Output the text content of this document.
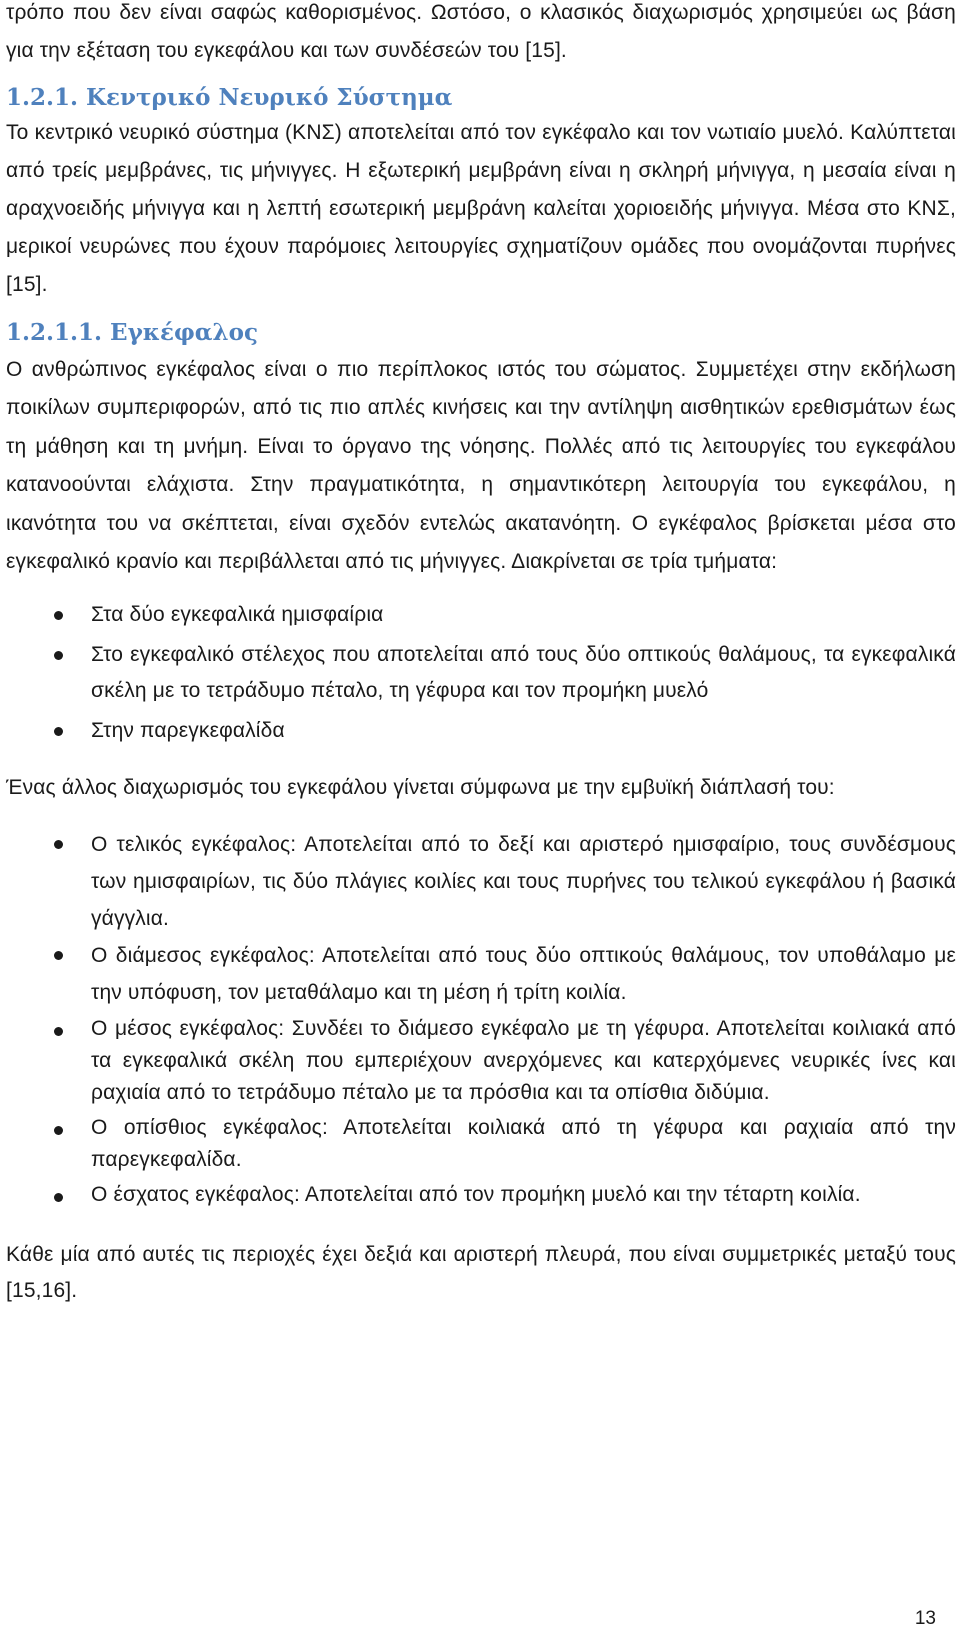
τρόπο που δεν είναι σαφώς καθορισμένος. Ωστόσο, ο κλασικός διαχωρισμός χρησιμεύει ως βάση για την εξέταση του εγκεφάλου και των συνδέσεών του [15].

1.2.1. Κεντρικό Νευρικό Σύστημα

Το κεντρικό νευρικό σύστημα (ΚΝΣ) αποτελείται από τον εγκέφαλο και τον νωτιαίο μυελό. Καλύπτεται από τρείς μεμβράνες, τις μήνιγγες. Η εξωτερική μεμβράνη είναι η σκληρή μήνιγγα, η μεσαία είναι η αραχνοειδής μήνιγγα και η λεπτή εσωτερική μεμβράνη καλείται χοριοειδής μήνιγγα. Μέσα στο ΚΝΣ, μερικοί νευρώνες που έχουν παρόμοιες λειτουργίες σχηματίζουν ομάδες που ονομάζονται πυρήνες [15].

1.2.1.1. Εγκέφαλος

Ο ανθρώπινος εγκέφαλος είναι ο πιο περίπλοκος ιστός του σώματος. Συμμετέχει στην εκδήλωση ποικίλων συμπεριφορών, από τις πιο απλές κινήσεις και την αντίληψη αισθητικών ερεθισμάτων έως τη μάθηση και τη μνήμη. Είναι το όργανο της νόησης. Πολλές από τις λειτουργίες του εγκεφάλου κατανοούνται ελάχιστα. Στην πραγματικότητα, η σημαντικότερη λειτουργία του εγκεφάλου, η ικανότητα του να σκέπτεται, είναι σχεδόν εντελώς ακατανόητη. Ο εγκέφαλος βρίσκεται μέσα στο εγκεφαλικό κρανίο και περιβάλλεται από τις μήνιγγες. Διακρίνεται σε τρία τμήματα:

Στα δύο εγκεφαλικά ημισφαίρια
Στο εγκεφαλικό στέλεχος που αποτελείται από τους δύο οπτικούς θαλάμους, τα εγκεφαλικά σκέλη με το τετράδυμο πέταλο, τη γέφυρα και τον προμήκη μυελό
Στην παρεγκεφαλίδα

Ένας άλλος διαχωρισμός του εγκεφάλου γίνεται σύμφωνα με την εμβυϊκή διάπλασή του:

Ο τελικός εγκέφαλος: Αποτελείται από το δεξί και αριστερό ημισφαίριο, τους συνδέσμους των ημισφαιρίων, τις δύο πλάγιες κοιλίες και τους πυρήνες του τελικού εγκεφάλου ή βασικά γάγγλια.
Ο διάμεσος εγκέφαλος: Αποτελείται από τους δύο οπτικούς θαλάμους, τον υποθάλαμο με την υπόφυση, τον μεταθάλαμο και τη μέση ή τρίτη κοιλία.
Ο μέσος εγκέφαλος: Συνδέει το διάμεσο εγκέφαλο με τη γέφυρα. Αποτελείται κοιλιακά από τα εγκεφαλικά σκέλη που εμπεριέχουν ανερχόμενες και κατερχόμενες νευρικές ίνες και ραχιαία από το τετράδυμο πέταλο με τα πρόσθια και τα οπίσθια διδύμια.
Ο οπίσθιος εγκέφαλος: Αποτελείται κοιλιακά από τη γέφυρα και ραχιαία από την παρεγκεφαλίδα.
Ο έσχατος εγκέφαλος: Αποτελείται από τον προμήκη μυελό και την τέταρτη κοιλία.

Κάθε μία από αυτές τις περιοχές έχει δεξιά και αριστερή πλευρά, που είναι συμμετρικές μεταξύ τους [15,16].

13
